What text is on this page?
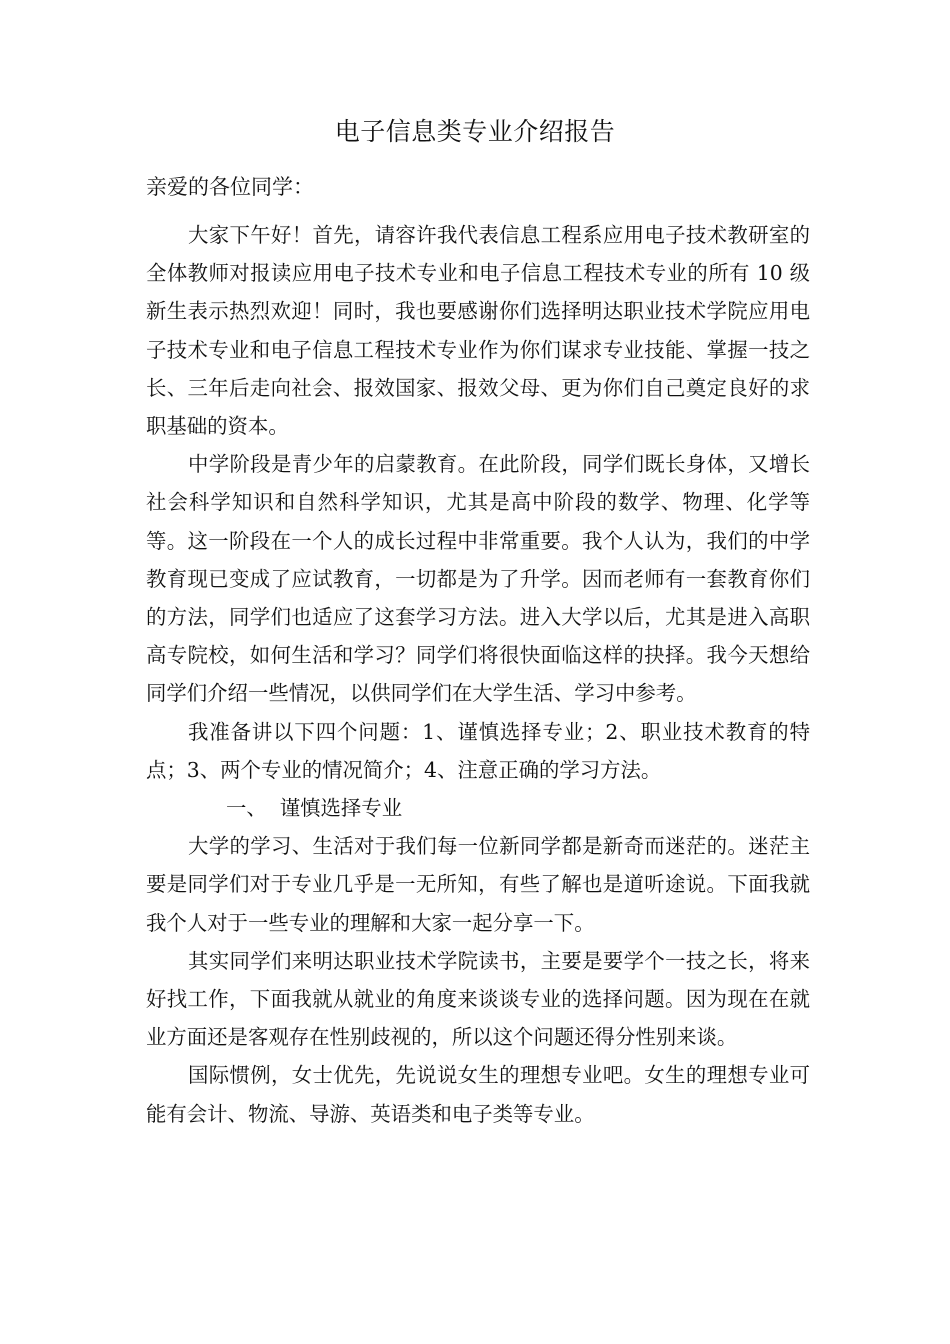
电子信息类专业介绍报告

亲爱的各位同学：

大家下午好！首先，请容许我代表信息工程系应用电子技术教研室的全体教师对报读应用电子技术专业和电子信息工程技术专业的所有 10 级新生表示热烈欢迎！同时，我也要感谢你们选择明达职业技术学院应用电子技术专业和电子信息工程技术专业作为你们谋求专业技能、掌握一技之长、三年后走向社会、报效国家、报效父母、更为你们自己奠定良好的求职基础的资本。

中学阶段是青少年的启蒙教育。在此阶段，同学们既长身体，又增长社会科学知识和自然科学知识，尤其是高中阶段的数学、物理、化学等等。这一阶段在一个人的成长过程中非常重要。我个人认为，我们的中学教育现已变成了应试教育，一切都是为了升学。因而老师有一套教育你们的方法，同学们也适应了这套学习方法。进入大学以后，尤其是进入高职高专院校，如何生活和学习？同学们将很快面临这样的抉择。我今天想给同学们介绍一些情况，以供同学们在大学生活、学习中参考。

我准备讲以下四个问题：1、谨慎选择专业；2、职业技术教育的特点；3、两个专业的情况简介；4、注意正确的学习方法。

一、  谨慎选择专业

大学的学习、生活对于我们每一位新同学都是新奇而迷茫的。迷茫主要是同学们对于专业几乎是一无所知，有些了解也是道听途说。下面我就我个人对于一些专业的理解和大家一起分享一下。

其实同学们来明达职业技术学院读书，主要是要学个一技之长，将来好找工作，下面我就从就业的角度来谈谈专业的选择问题。因为现在在就业方面还是客观存在性别歧视的，所以这个问题还得分性别来谈。

国际惯例，女士优先，先说说女生的理想专业吧。女生的理想专业可能有会计、物流、导游、英语类和电子类等专业。
